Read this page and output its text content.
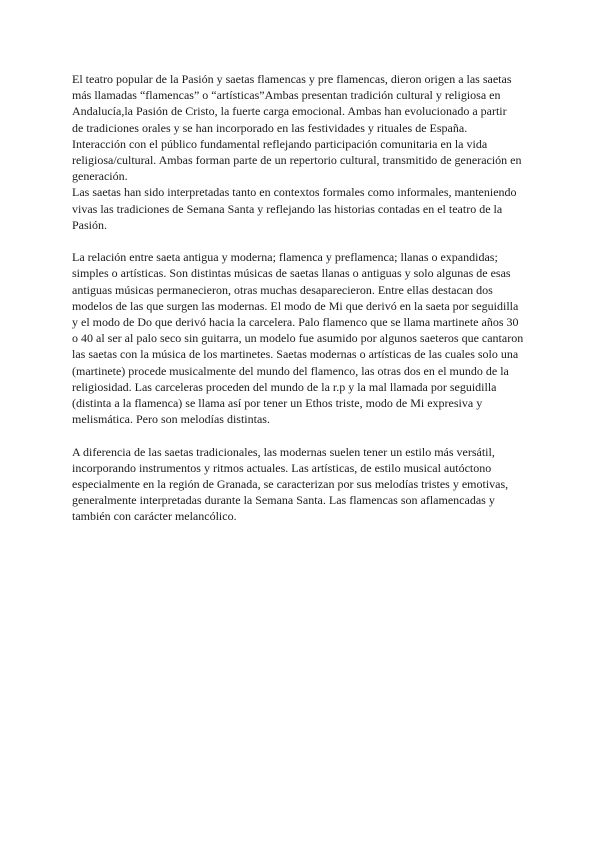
El teatro popular de la Pasión y saetas flamencas y pre flamencas, dieron origen a las saetas
más llamadas “flamencas” o “artísticas”Ambas presentan tradición cultural y religiosa en
Andalucía,la Pasión de Cristo, la fuerte carga emocional. Ambas han evolucionado a partir
de tradiciones orales y se han incorporado en las festividades y rituales de España.
Interacción con el público fundamental reflejando participación comunitaria en la vida
religiosa/cultural. Ambas forman parte de un repertorio cultural, transmitido de generación en
generación.

Las saetas han sido interpretadas tanto en contextos formales como informales, manteniendo
vivas las tradiciones de Semana Santa y reflejando las historias contadas en el teatro de la
Pasión.

La relación entre saeta antigua y moderna; flamenca y preflamenca; llanas o expandidas;
simples o artísticas. Son distintas músicas de saetas llanas o antiguas y solo algunas de esas
antiguas músicas permanecieron, otras muchas desaparecieron. Entre ellas destacan dos
modelos de las que surgen las modernas. El modo de Mi que derivó en la saeta por seguidilla
y el modo de Do que derivó hacia la carcelera. Palo flamenco que se llama martinete años 30
o 40 al ser al palo seco sin guitarra, un modelo fue asumido por algunos saeteros que cantaron
las saetas con la música de los martinetes. Saetas modernas o artísticas de las cuales solo una
(martinete) procede musicalmente del mundo del flamenco, las otras dos en el mundo de la
religiosidad. Las carceleras proceden del mundo de la r.p y la mal llamada por seguidilla
(distinta a la flamenca) se llama así por tener un Ethos triste, modo de Mi expresiva y
melismática. Pero son melodías distintas.

A diferencia de las saetas tradicionales, las modernas suelen tener un estilo más versátil,
incorporando instrumentos y ritmos actuales. Las artísticas, de estilo musical autóctono
especialmente en la región de Granada, se caracterizan por sus melodías tristes y emotivas,
generalmente interpretadas durante la Semana Santa. Las flamencas son aflamencadas y
también con carácter melancólico.
